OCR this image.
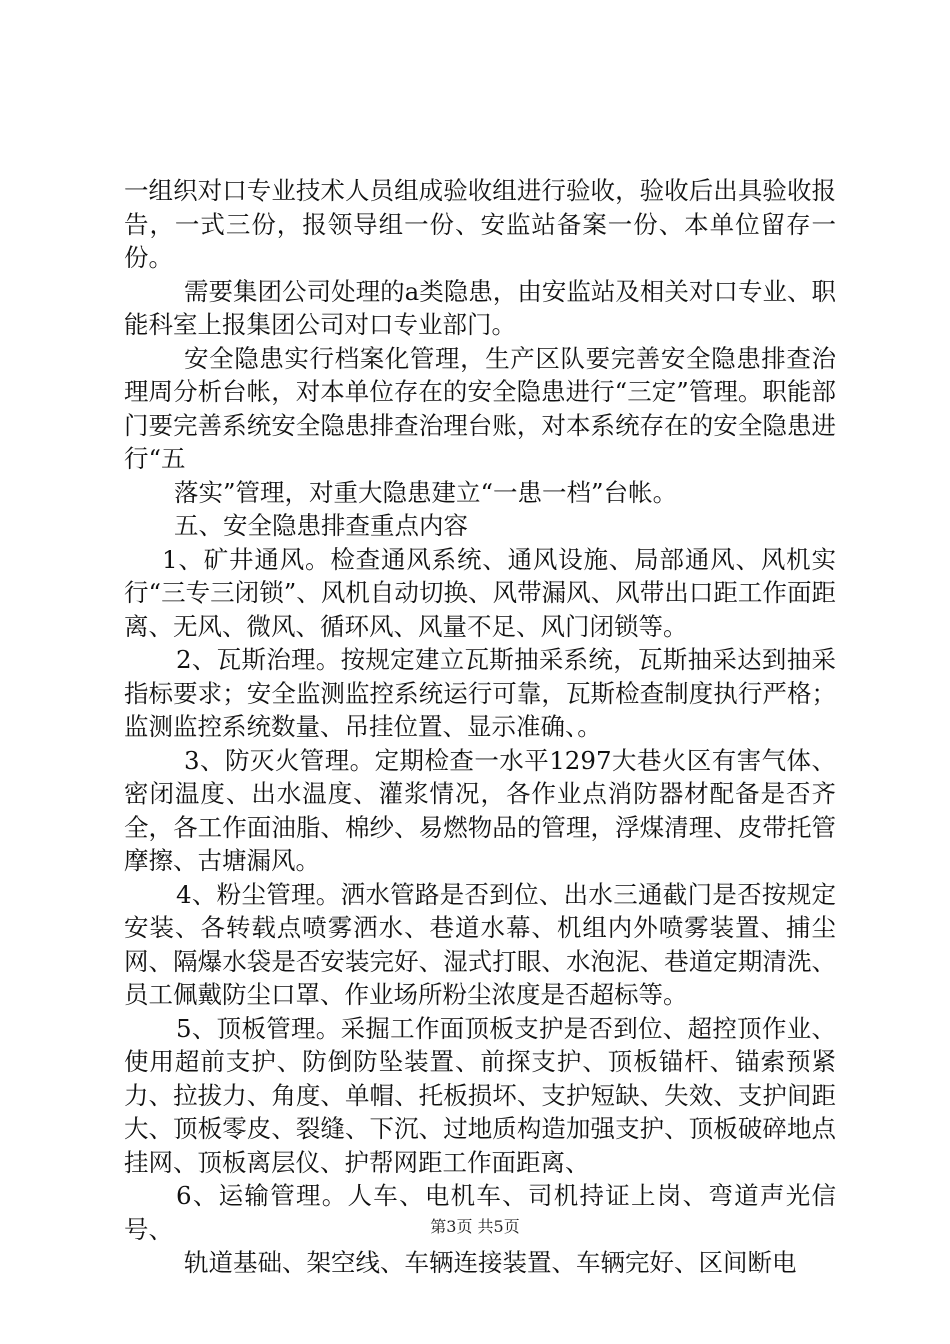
一组织对口专业技术人员组成验收组进行验收，验收后出具验收报告，一式三份，报领导组一份、安监站备案一份、本单位留存一份。

需要集团公司处理的a类隐患，由安监站及相关对口专业、职能科室上报集团公司对口专业部门。

安全隐患实行档案化管理，生产区队要完善安全隐患排查治理周分析台帐，对本单位存在的安全隐患进行“三定”管理。职能部门要完善系统安全隐患排查治理台账，对本系统存在的安全隐患进行“五

落实”管理，对重大隐患建立“一患一档”台帐。

五、安全隐患排查重点内容

1、矿井通风。检查通风系统、通风设施、局部通风、风机实行“三专三闭锁”、风机自动切换、风带漏风、风带出口距工作面距离、无风、微风、循环风、风量不足、风门闭锁等。

2、瓦斯治理。按规定建立瓦斯抽采系统，瓦斯抽采达到抽采指标要求；安全监测监控系统运行可靠，瓦斯检查制度执行严格；监测监控系统数量、吊挂位置、显示准确、。

3、防灭火管理。定期检查一水平1297大巷火区有害气体、密闭温度、出水温度、灌浆情况，各作业点消防器材配备是否齐全，各工作面油脂、棉纱、易燃物品的管理，浮煤清理、皮带托管摩擦、古塘漏风。

4、粉尘管理。洒水管路是否到位、出水三通截门是否按规定安装、各转载点喷雾洒水、巷道水幕、机组内外喷雾装置、捕尘网、隔爆水袋是否安装完好、湿式打眼、水泡泥、巷道定期清洗、员工佩戴防尘口罩、作业场所粉尘浓度是否超标等。

5、顶板管理。采掘工作面顶板支护是否到位、超控顶作业、使用超前支护、防倒防坠装置、前探支护、顶板锚杆、锚索预紧力、拉拔力、角度、单帽、托板损坏、支护短缺、失效、支护间距大、顶板零皮、裂缝、下沉、过地质构造加强支护、顶板破碎地点挂网、顶板离层仪、护帮网距工作面距离、

6、运输管理。人车、电机车、司机持证上岗、弯道声光信号、

轨道基础、架空线、车辆连接装置、车辆完好、区间断电

第3页 共5页
